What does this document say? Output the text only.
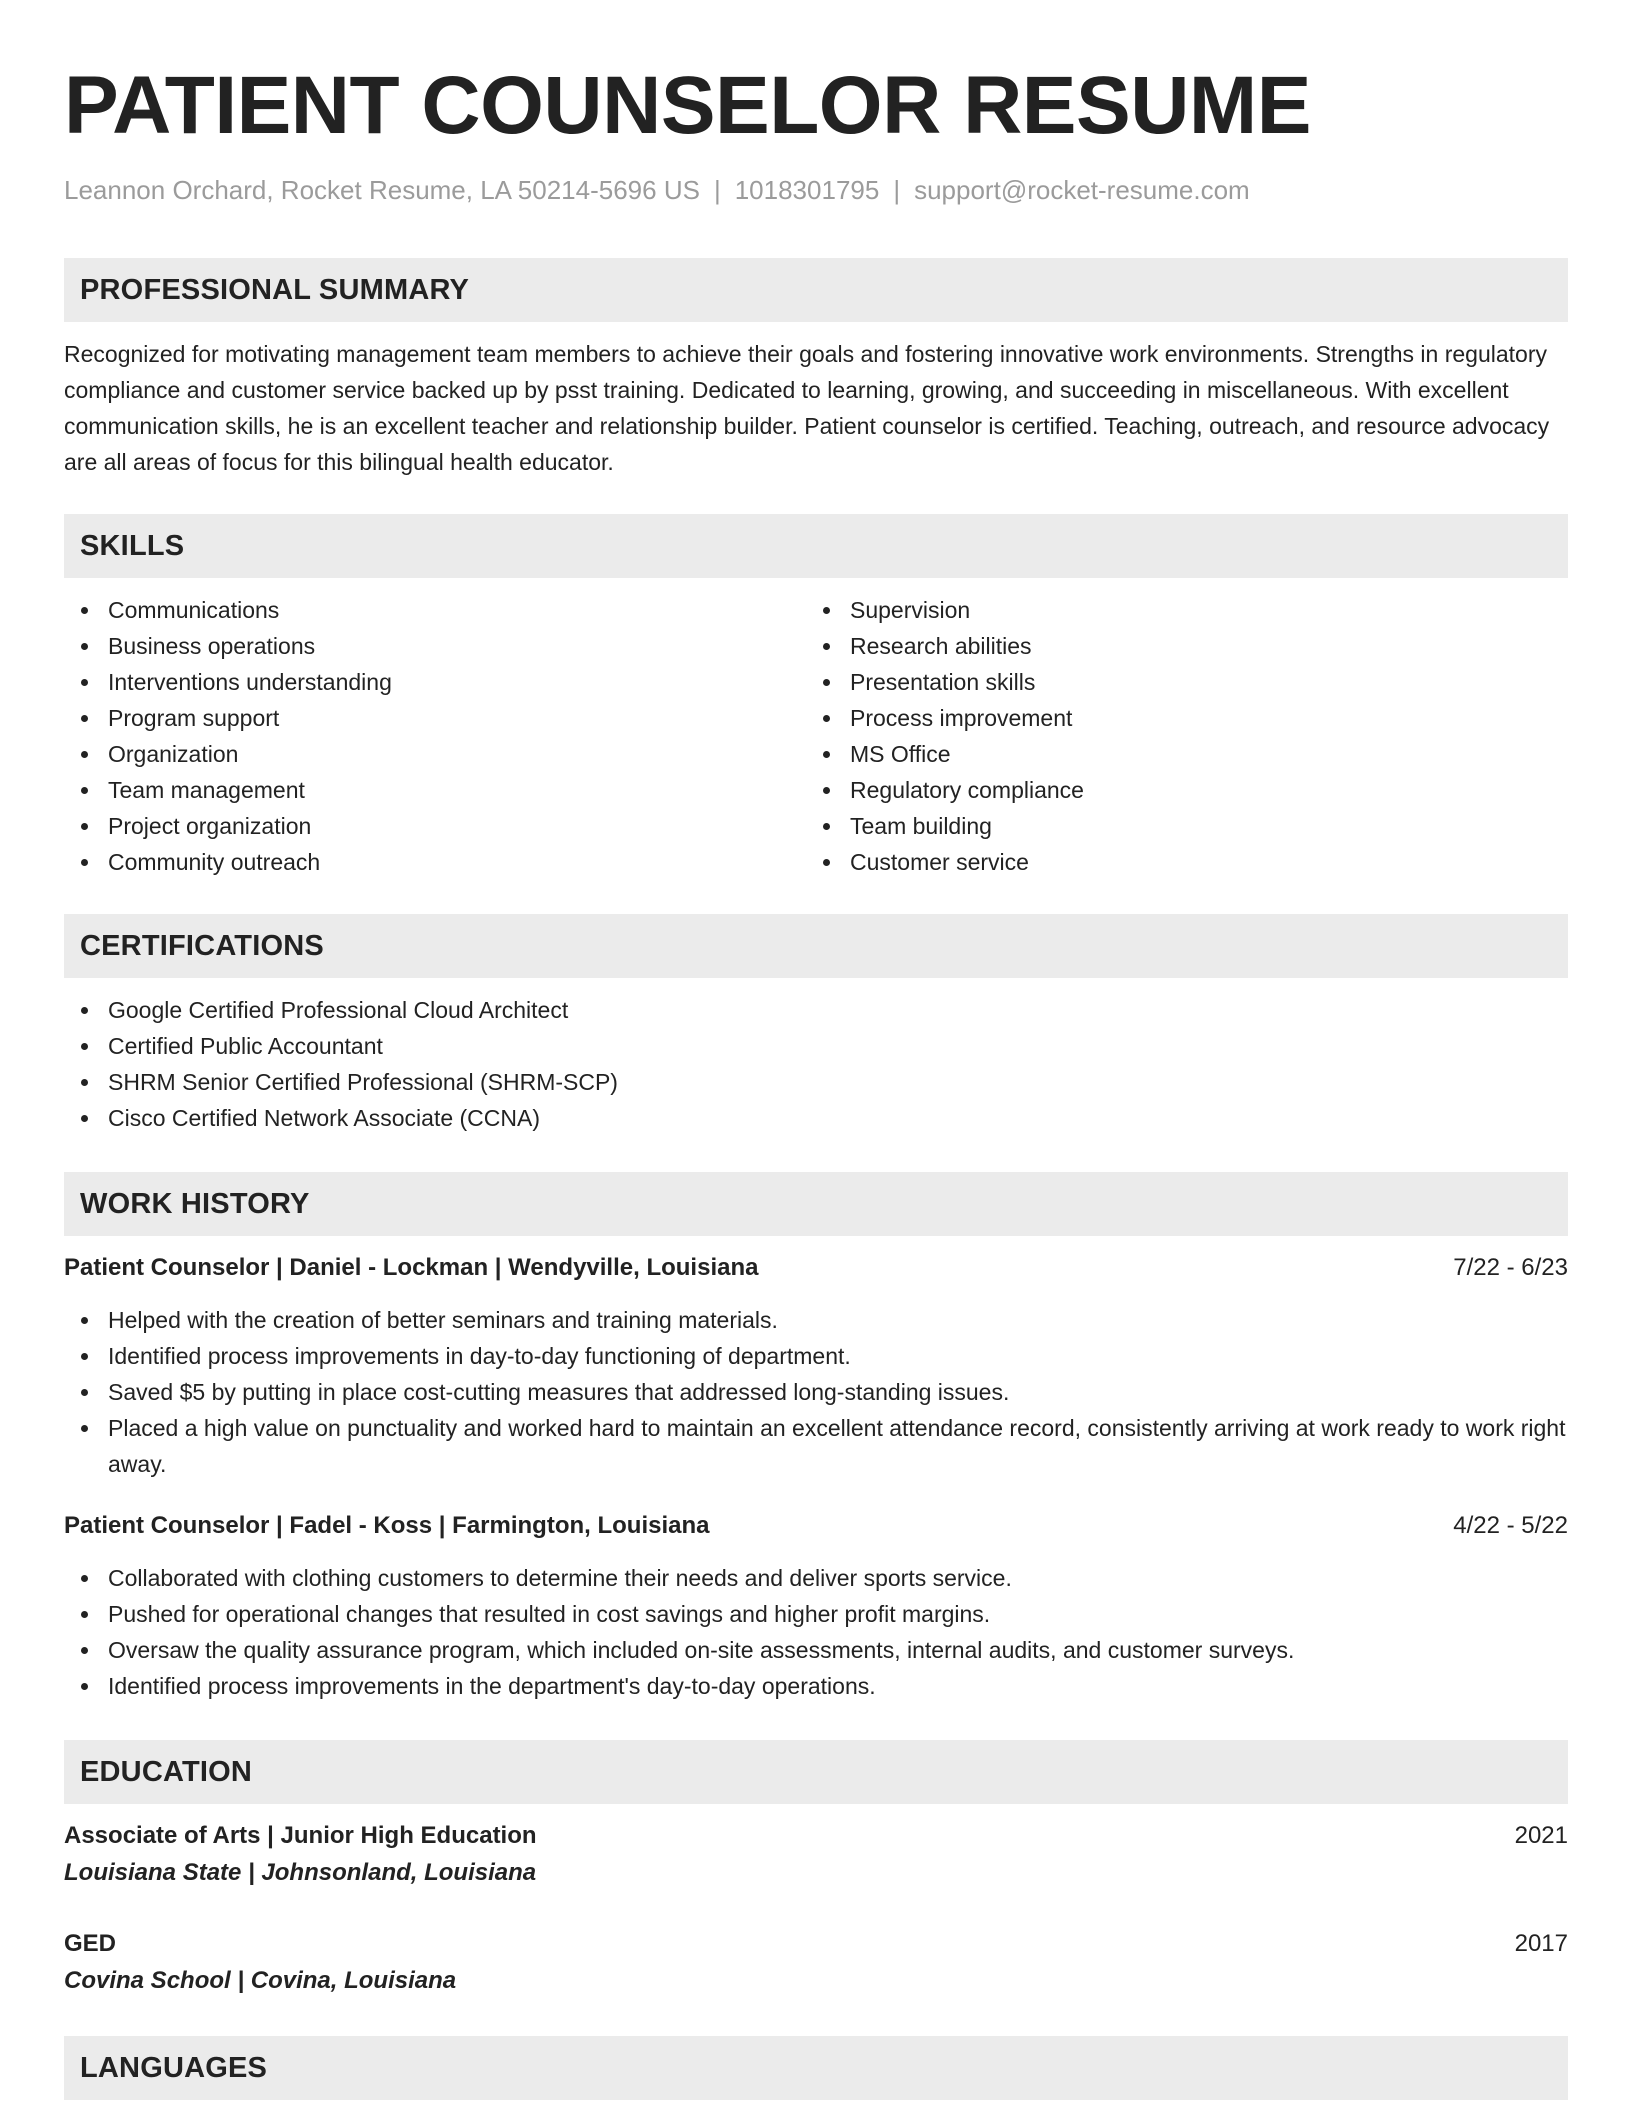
PATIENT COUNSELOR RESUME
Leannon Orchard, Rocket Resume, LA 50214-5696 US | 1018301795 | support@rocket-resume.com
PROFESSIONAL SUMMARY

Recognized for motivating management team members to achieve their goals and fostering innovative work environments. Strengths in regulatory compliance and customer service backed up by psst training. Dedicated to learning, growing, and succeeding in miscellaneous. With excellent communication skills, he is an excellent teacher and relationship builder. Patient counselor is certified. Teaching, outreach, and resource advocacy are all areas of focus for this bilingual health educator.

SKILLS
Communications
Business operations
Interventions understanding
Program support
Organization
Team management
Project organization
Community outreach
Supervision
Research abilities
Presentation skills
Process improvement
MS Office
Regulatory compliance
Team building
Customer service
CERTIFICATIONS
Google Certified Professional Cloud Architect
Certified Public Accountant
SHRM Senior Certified Professional (SHRM-SCP)
Cisco Certified Network Associate (CCNA)
WORK HISTORY
Patient Counselor | Daniel - Lockman | Wendyville, Louisiana	7/22 - 6/23
Helped with the creation of better seminars and training materials.
Identified process improvements in day-to-day functioning of department.
Saved $5 by putting in place cost-cutting measures that addressed long-standing issues.
Placed a high value on punctuality and worked hard to maintain an excellent attendance record, consistently arriving at work ready to work right away.
Patient Counselor | Fadel - Koss | Farmington, Louisiana	4/22 - 5/22
Collaborated with clothing customers to determine their needs and deliver sports service.
Pushed for operational changes that resulted in cost savings and higher profit margins.
Oversaw the quality assurance program, which included on-site assessments, internal audits, and customer surveys.
Identified process improvements in the department's day-to-day operations.
EDUCATION
Associate of Arts | Junior High Education	2021
Louisiana State | Johnsonland, Louisiana
GED	2017
Covina School | Covina, Louisiana
LANGUAGES
